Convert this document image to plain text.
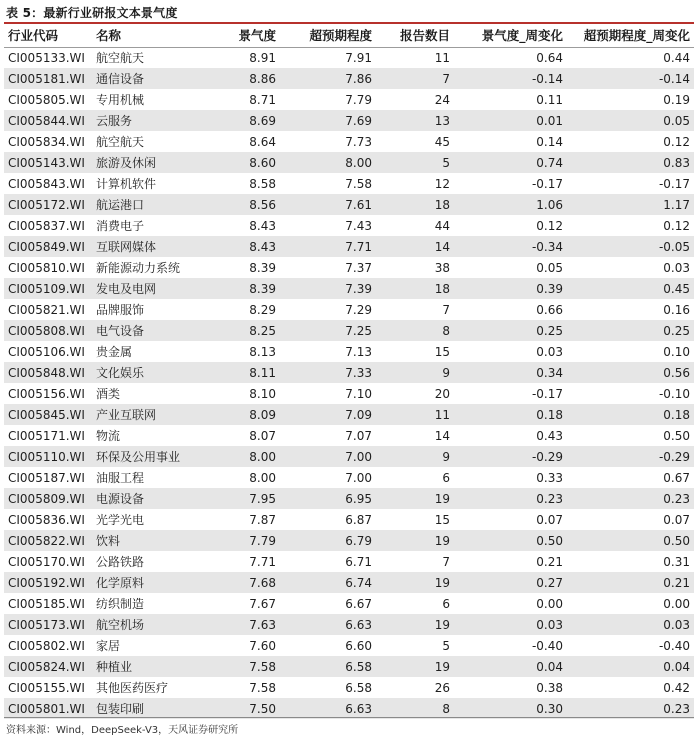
表 5：最新行业研报文本景气度
行业代码	名称	景气度	超预期程度	报告数目	景气度_周变化	超预期程度_周变化
CI005133.WI	航空航天	8.91	7.91	11	0.64	0.44
CI005181.WI	通信设备	8.86	7.86	7	-0.14	-0.14
CI005805.WI	专用机械	8.71	7.79	24	0.11	0.19
CI005844.WI	云服务	8.69	7.69	13	0.01	0.05
CI005834.WI	航空航天	8.64	7.73	45	0.14	0.12
CI005143.WI	旅游及休闲	8.60	8.00	5	0.74	0.83
CI005843.WI	计算机软件	8.58	7.58	12	-0.17	-0.17
CI005172.WI	航运港口	8.56	7.61	18	1.06	1.17
CI005837.WI	消费电子	8.43	7.43	44	0.12	0.12
CI005849.WI	互联网媒体	8.43	7.71	14	-0.34	-0.05
CI005810.WI	新能源动力系统	8.39	7.37	38	0.05	0.03
CI005109.WI	发电及电网	8.39	7.39	18	0.39	0.45
CI005821.WI	品牌服饰	8.29	7.29	7	0.66	0.16
CI005808.WI	电气设备	8.25	7.25	8	0.25	0.25
CI005106.WI	贵金属	8.13	7.13	15	0.03	0.10
CI005848.WI	文化娱乐	8.11	7.33	9	0.34	0.56
CI005156.WI	酒类	8.10	7.10	20	-0.17	-0.10
CI005845.WI	产业互联网	8.09	7.09	11	0.18	0.18
CI005171.WI	物流	8.07	7.07	14	0.43	0.50
CI005110.WI	环保及公用事业	8.00	7.00	9	-0.29	-0.29
CI005187.WI	油服工程	8.00	7.00	6	0.33	0.67
CI005809.WI	电源设备	7.95	6.95	19	0.23	0.23
CI005836.WI	光学光电	7.87	6.87	15	0.07	0.07
CI005822.WI	饮料	7.79	6.79	19	0.50	0.50
CI005170.WI	公路铁路	7.71	6.71	7	0.21	0.31
CI005192.WI	化学原料	7.68	6.74	19	0.27	0.21
CI005185.WI	纺织制造	7.67	6.67	6	0.00	0.00
CI005173.WI	航空机场	7.63	6.63	19	0.03	0.03
CI005802.WI	家居	7.60	6.60	5	-0.40	-0.40
CI005824.WI	种植业	7.58	6.58	19	0.04	0.04
CI005155.WI	其他医药医疗	7.58	6.58	26	0.38	0.42
CI005801.WI	包装印刷	7.50	6.63	8	0.30	0.23
资料来源：Wind，DeepSeek-V3，天风证券研究所
